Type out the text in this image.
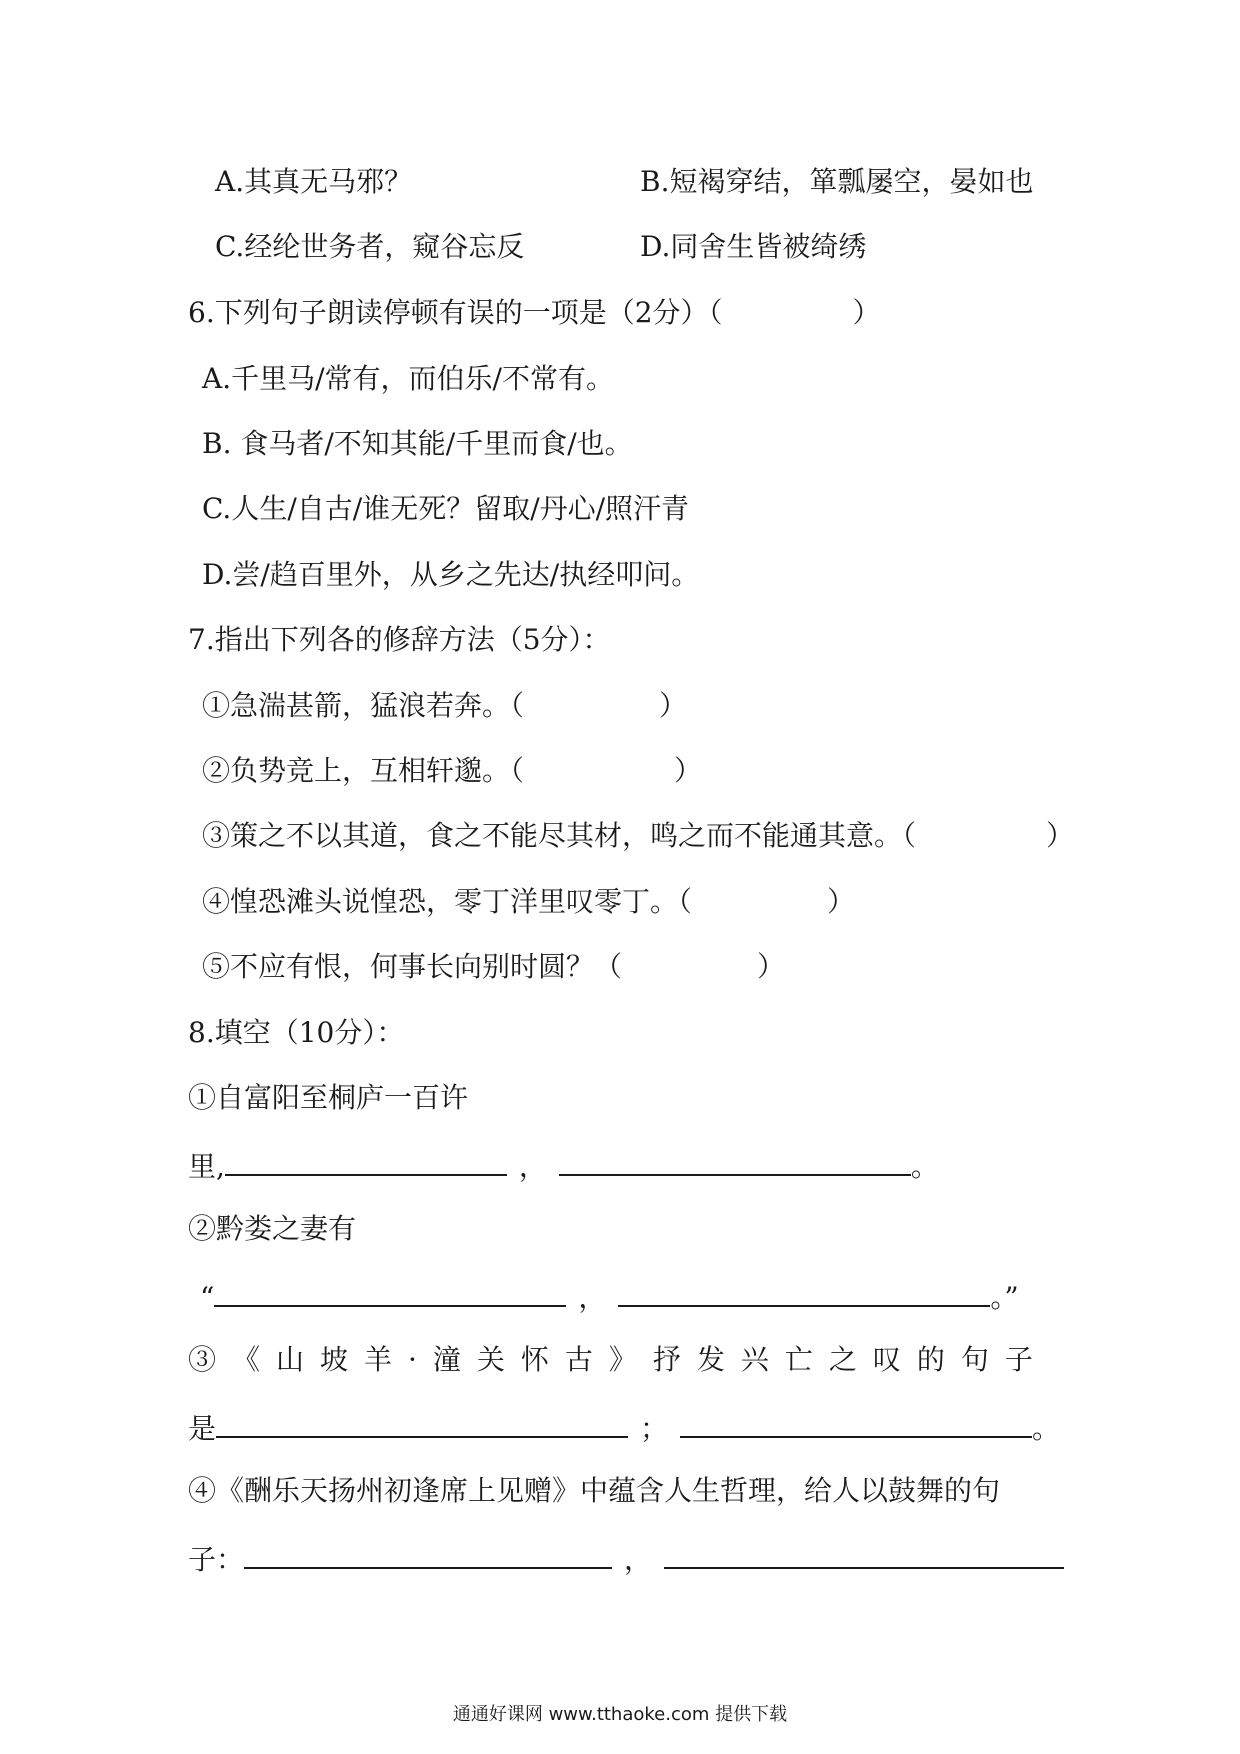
A.其真无马邪？	B.短褐穿结，箪瓢屡空，晏如也
C.经纶世务者，窥谷忘反	D.同舍生皆被绮绣
6.下列句子朗读停顿有误的一项是（2分）（	）
A.千里马/常有，而伯乐/不常有。
B. 食马者/不知其能/千里而食/也。
C.人生/自古/谁无死？留取/丹心/照汗青
D.尝/趋百里外，从乡之先达/执经叩问。
7.指出下列各的修辞方法（5分）：
①急湍甚箭，猛浪若奔。（	）
②负势竞上，互相轩邈。（	）
③策之不以其道，食之不能尽其材，鸣之而不能通其意。（	）
④惶恐滩头说惶恐，零丁洋里叹零丁。（	）
⑤不应有恨，何事长向别时圆？（	）
8.填空（10分）：
①自富阳至桐庐一百许
里,	，	。
②黔娄之妻有
“	，	。”
③《山坡羊·潼关怀古》抒发兴亡之叹的句子
是	；	。
④《酬乐天扬州初逢席上见赠》中蕴含人生哲理，给人以鼓舞的句
子：	，
通通好课网 www.tthaoke.com 提供下载
